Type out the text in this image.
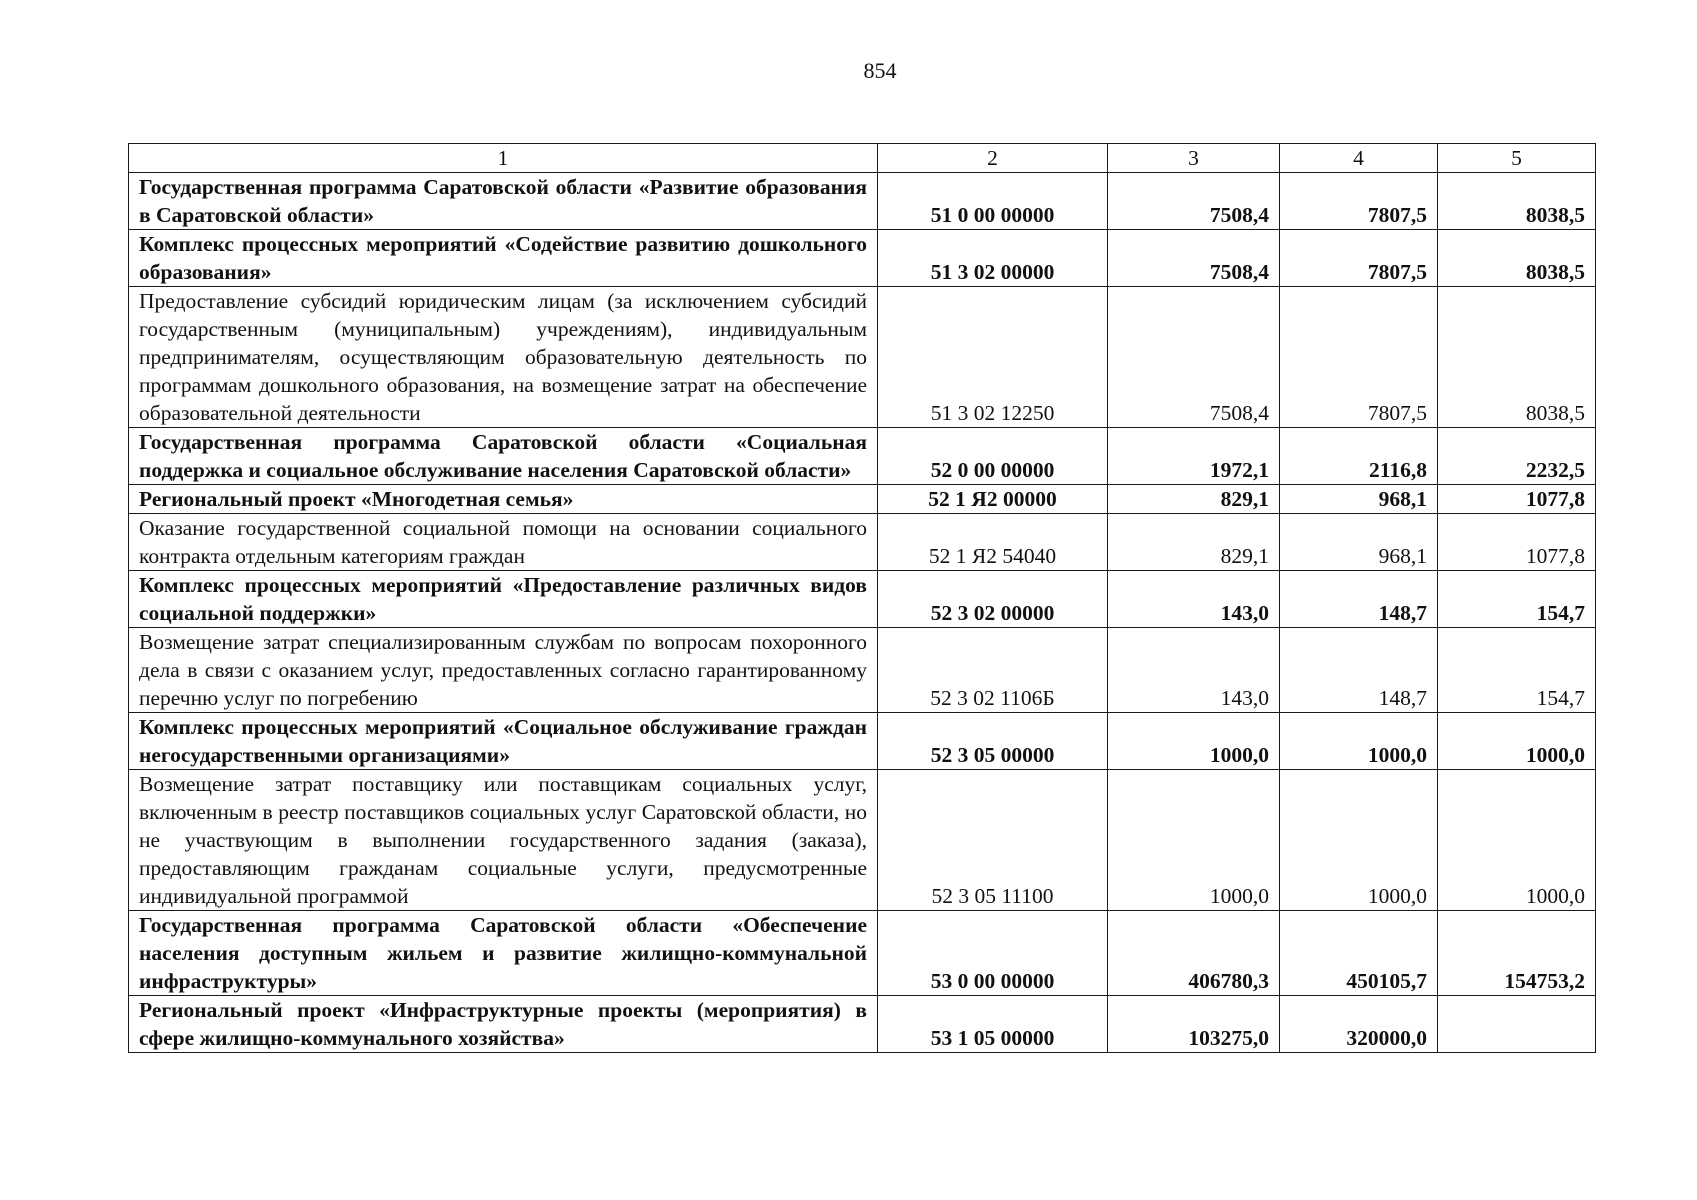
854
1	2	3	4	5
Государственная программа Саратовской области «Развитие образования в Саратовской области»	51 0 00 00000	7508,4	7807,5	8038,5
Комплекс процессных мероприятий «Содействие развитию дошкольного образования»	51 3 02 00000	7508,4	7807,5	8038,5
Предоставление субсидий юридическим лицам (за исключением субсидий государственным (муниципальным) учреждениям), индивидуальным предпринимателям, осуществляющим образовательную деятельность по программам дошкольного образования, на возмещение затрат на обеспечение образовательной деятельности	51 3 02 12250	7508,4	7807,5	8038,5
Государственная программа Саратовской области «Социальная поддержка и социальное обслуживание населения Саратовской области»	52 0 00 00000	1972,1	2116,8	2232,5
Региональный проект «Многодетная семья»	52 1 Я2 00000	829,1	968,1	1077,8
Оказание государственной социальной помощи на основании социального контракта отдельным категориям граждан	52 1 Я2 54040	829,1	968,1	1077,8
Комплекс процессных мероприятий «Предоставление различных видов социальной поддержки»	52 3 02 00000	143,0	148,7	154,7
Возмещение затрат специализированным службам по вопросам похоронного дела в связи с оказанием услуг, предоставленных согласно гарантированному перечню услуг по погребению	52 3 02 1106Б	143,0	148,7	154,7
Комплекс процессных мероприятий «Социальное обслуживание граждан негосударственными организациями»	52 3 05 00000	1000,0	1000,0	1000,0
Возмещение затрат поставщику или поставщикам социальных услуг, включенным в реестр поставщиков социальных услуг Саратовской области, но не участвующим в выполнении государственного задания (заказа), предоставляющим гражданам социальные услуги, предусмотренные индивидуальной программой	52 3 05 11100	1000,0	1000,0	1000,0
Государственная программа Саратовской области «Обеспечение населения доступным жильем и развитие жилищно-коммунальной инфраструктуры»	53 0 00 00000	406780,3	450105,7	154753,2
Региональный проект «Инфраструктурные проекты (мероприятия) в сфере жилищно-коммунального хозяйства»	53 1 05 00000	103275,0	320000,0	
